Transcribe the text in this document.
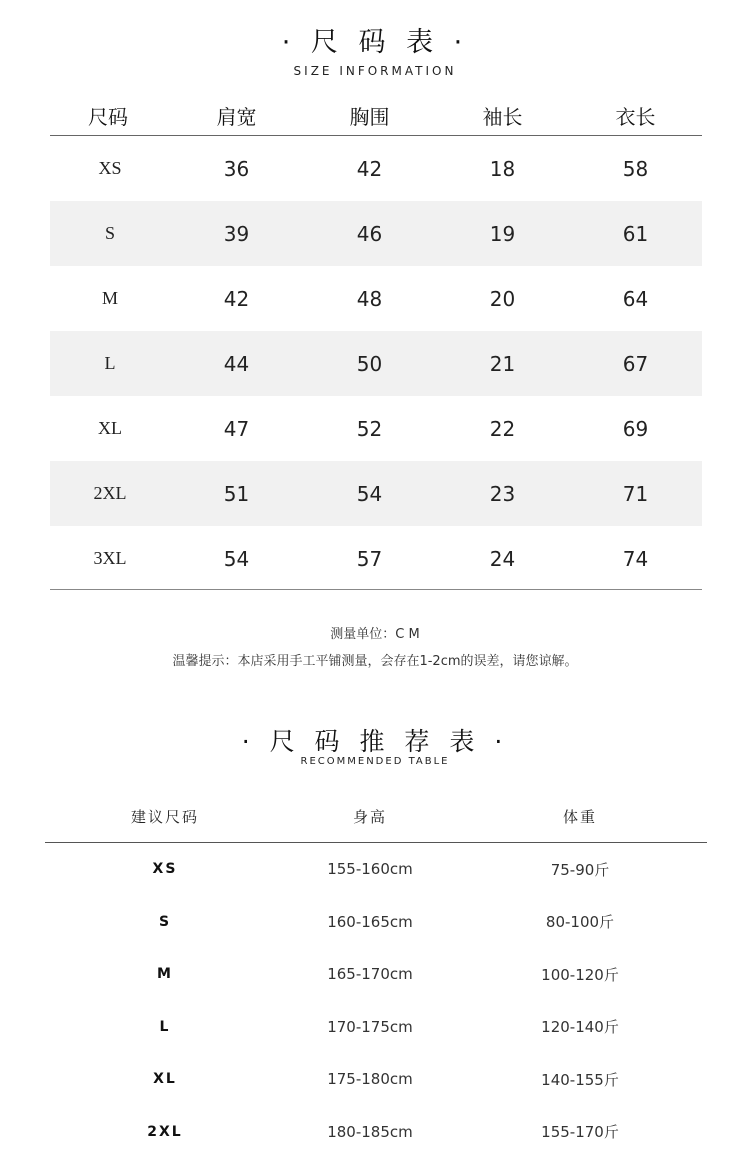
· 尺 码 表 ·
SIZE INFORMATION
尺码	肩宽	胸围	袖长	衣长
XS	36	42	18	58
S	39	46	19	61
M	42	48	20	64
L	44	50	21	67
XL	47	52	22	69
2XL	51	54	23	71
3XL	54	57	24	74
测量单位：C M
温馨提示：本店采用手工平铺测量，会存在1-2cm的误差，请您谅解。
· 尺 码 推 荐 表 ·
RECOMMENDED TABLE
建议尺码	身高	体重
XS	155-160cm	75-90斤
S	160-165cm	80-100斤
M	165-170cm	100-120斤
L	170-175cm	120-140斤
XL	175-180cm	140-155斤
2XL	180-185cm	155-170斤
